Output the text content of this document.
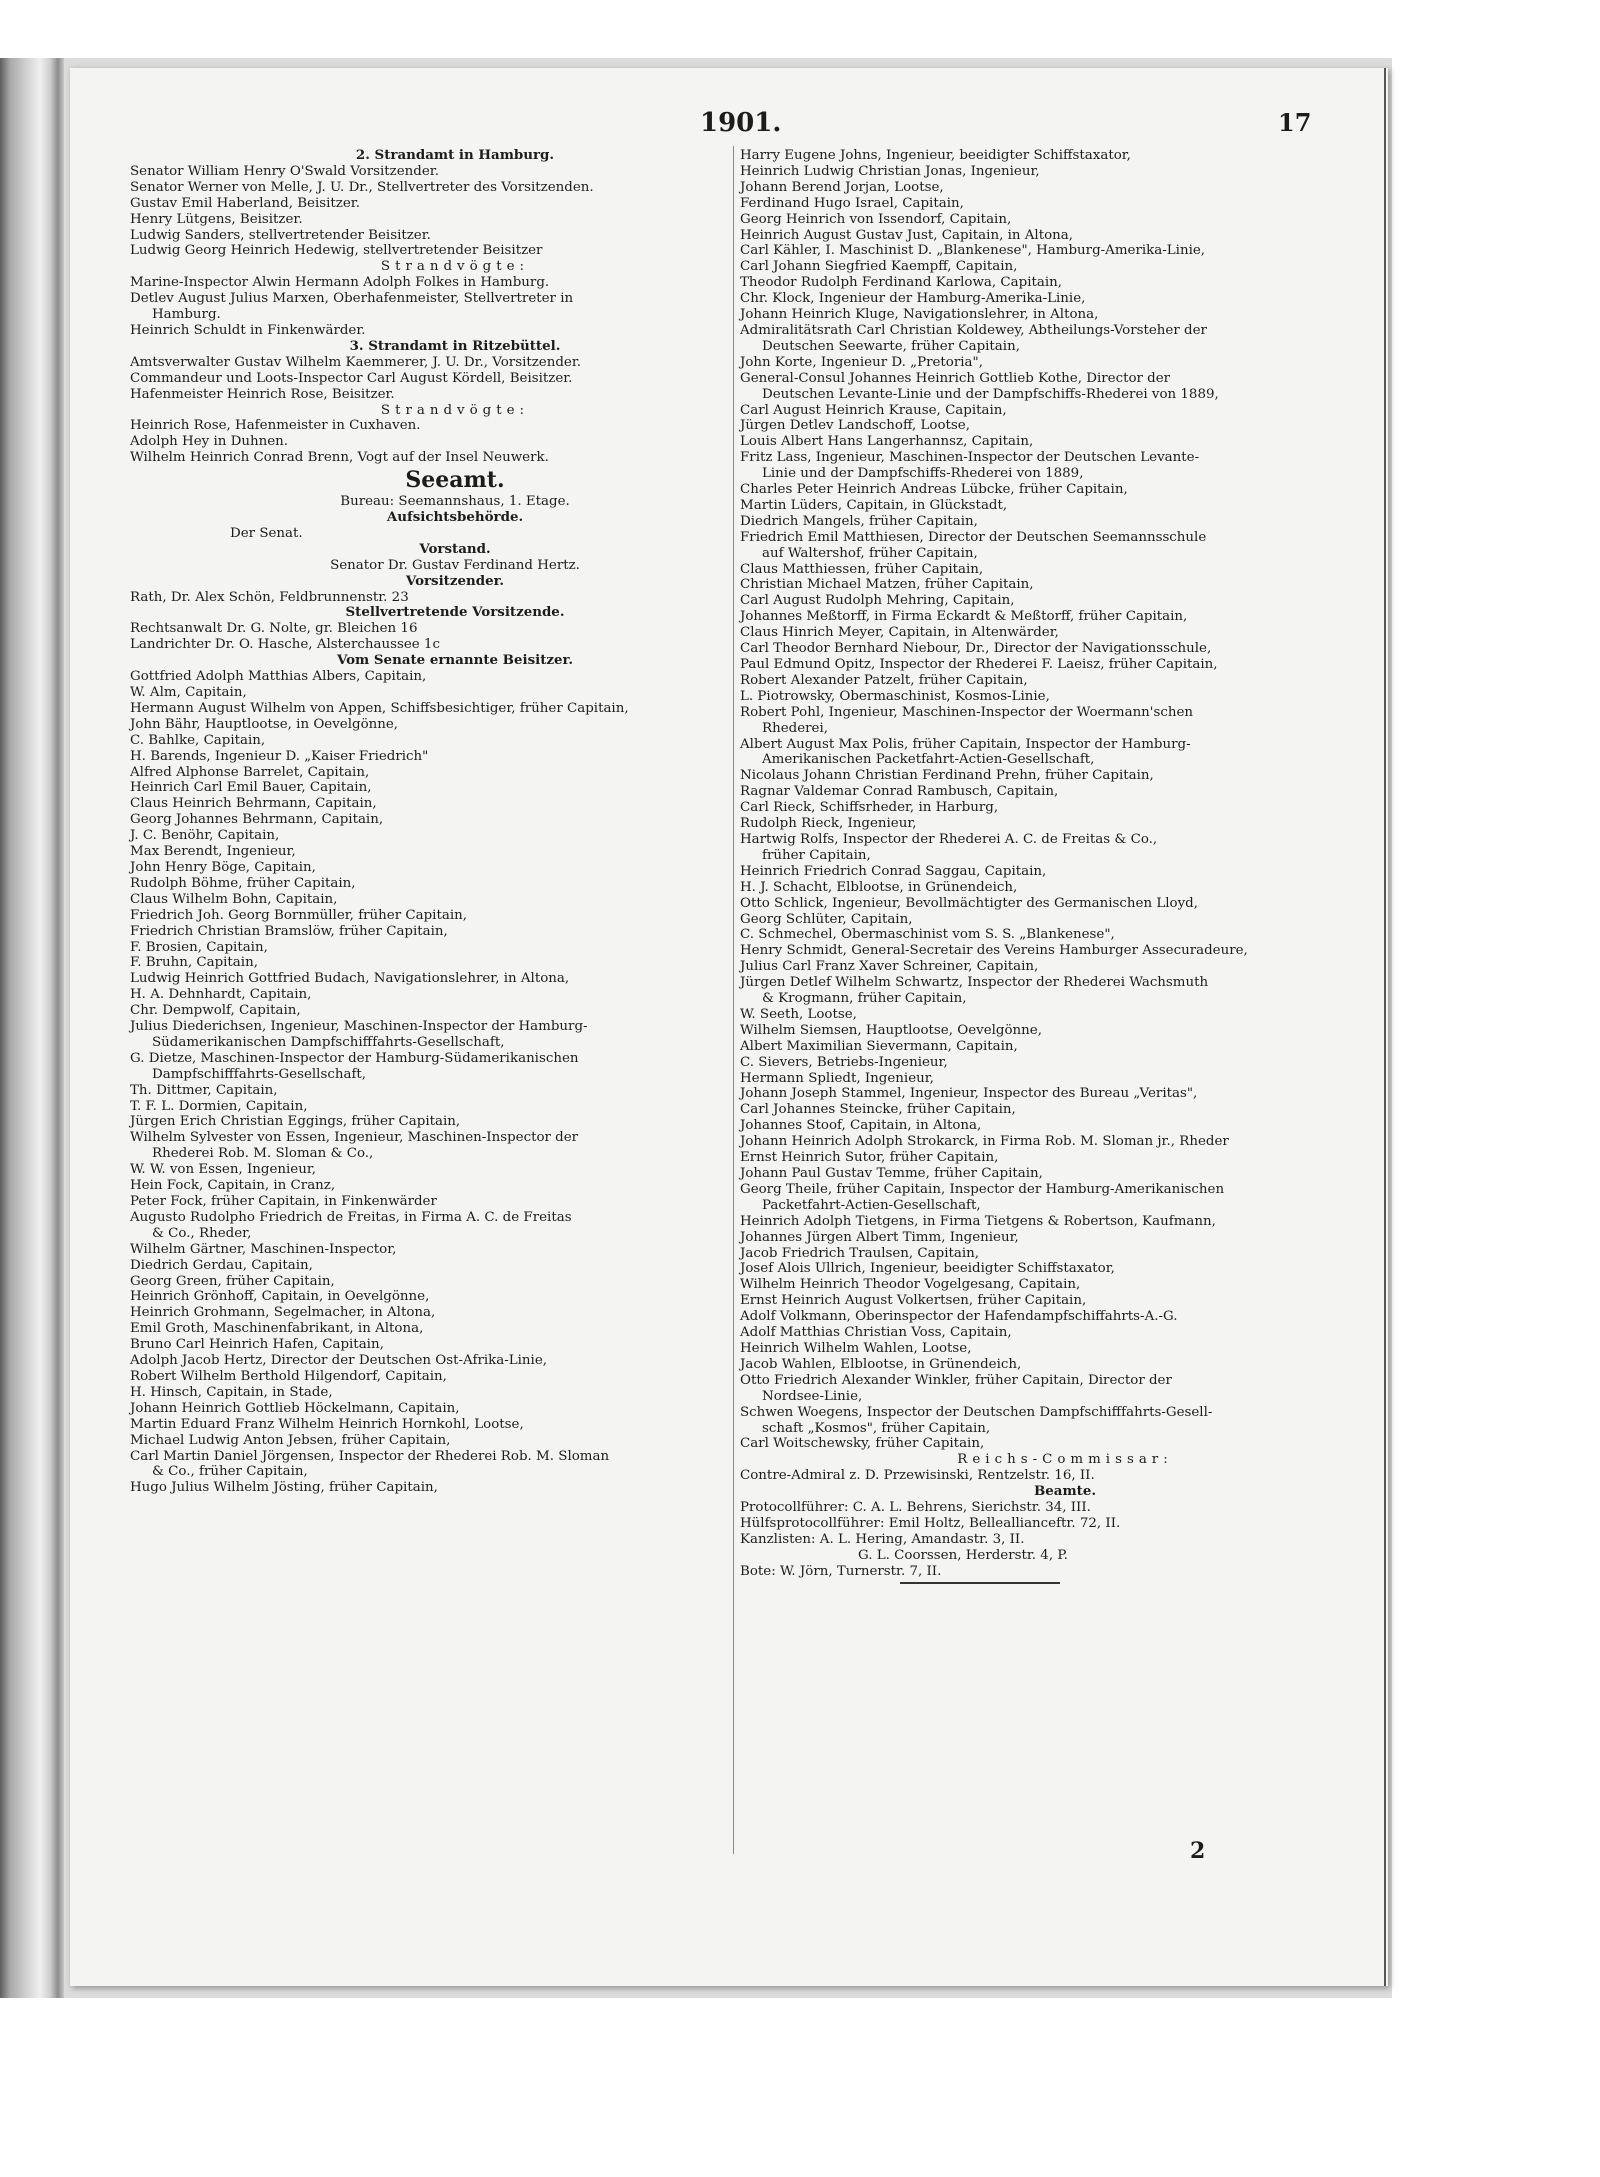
1901.	17

2. Strandamt in Hamburg.

Senator William Henry O'Swald Vorsitzender.

Senator Werner von Melle, J. U. Dr., Stellvertreter des Vorsitzenden.

Gustav Emil Haberland, Beisitzer.

Henry Lütgens, Beisitzer.

Ludwig Sanders, stellvertretender Beisitzer.

Ludwig Georg Heinrich Hedewig, stellvertretender Beisitzer

Strandvögte:

Marine-Inspector Alwin Hermann Adolph Folkes in Hamburg.

Detlev August Julius Marxen, Oberhafenmeister, Stellvertreter in

Hamburg.

Heinrich Schuldt in Finkenwärder.

3. Strandamt in Ritzebüttel.

Amtsverwalter Gustav Wilhelm Kaemmerer, J. U. Dr., Vorsitzender.

Commandeur und Loots-Inspector Carl August Kördell, Beisitzer.

Hafenmeister Heinrich Rose, Beisitzer.

Strandvögte:

Heinrich Rose, Hafenmeister in Cuxhaven.

Adolph Hey in Duhnen.

Wilhelm Heinrich Conrad Brenn, Vogt auf der Insel Neuwerk.

Seeamt.

Bureau: Seemannshaus, 1. Etage.

Aufsichtsbehörde.

Der Senat.

Vorstand.

Senator Dr. Gustav Ferdinand Hertz.

Vorsitzender.

Rath, Dr. Alex Schön, Feldbrunnenstr. 23

Stellvertretende Vorsitzende.

Rechtsanwalt Dr. G. Nolte, gr. Bleichen 16

Landrichter Dr. O. Hasche, Alsterchaussee 1c

Vom Senate ernannte Beisitzer.

Gottfried Adolph Matthias Albers, Capitain,

W. Alm, Capitain,

Hermann August Wilhelm von Appen, Schiffsbesichtiger, früher Capitain,

John Bähr, Hauptlootse, in Oevelgönne,

C. Bahlke, Capitain,

H. Barends, Ingenieur D. „Kaiser Friedrich"

Alfred Alphonse Barrelet, Capitain,

Heinrich Carl Emil Bauer, Capitain,

Claus Heinrich Behrmann, Capitain,

Georg Johannes Behrmann, Capitain,

J. C. Benöhr, Capitain,

Max Berendt, Ingenieur,

John Henry Böge, Capitain,

Rudolph Böhme, früher Capitain,

Claus Wilhelm Bohn, Capitain,

Friedrich Joh. Georg Bornmüller, früher Capitain,

Friedrich Christian Bramslöw, früher Capitain,

F. Brosien, Capitain,

F. Bruhn, Capitain,

Ludwig Heinrich Gottfried Budach, Navigationslehrer, in Altona,

H. A. Dehnhardt, Capitain,

Chr. Dempwolf, Capitain,

Julius Diederichsen, Ingenieur, Maschinen-Inspector der Hamburg-

Südamerikanischen Dampfschifffahrts-Gesellschaft,

G. Dietze, Maschinen-Inspector der Hamburg-Südamerikanischen

Dampfschifffahrts-Gesellschaft,

Th. Dittmer, Capitain,

T. F. L. Dormien, Capitain,

Jürgen Erich Christian Eggings, früher Capitain,

Wilhelm Sylvester von Essen, Ingenieur, Maschinen-Inspector der

Rhederei Rob. M. Sloman & Co.,

W. W. von Essen, Ingenieur,

Hein Fock, Capitain, in Cranz,

Peter Fock, früher Capitain, in Finkenwärder

Augusto Rudolpho Friedrich de Freitas, in Firma A. C. de Freitas

& Co., Rheder,

Wilhelm Gärtner, Maschinen-Inspector,

Diedrich Gerdau, Capitain,

Georg Green, früher Capitain,

Heinrich Grönhoff, Capitain, in Oevelgönne,

Heinrich Grohmann, Segelmacher, in Altona,

Emil Groth, Maschinenfabrikant, in Altona,

Bruno Carl Heinrich Hafen, Capitain,

Adolph Jacob Hertz, Director der Deutschen Ost-Afrika-Linie,

Robert Wilhelm Berthold Hilgendorf, Capitain,

H. Hinsch, Capitain, in Stade,

Johann Heinrich Gottlieb Höckelmann, Capitain,

Martin Eduard Franz Wilhelm Heinrich Hornkohl, Lootse,

Michael Ludwig Anton Jebsen, früher Capitain,

Carl Martin Daniel Jörgensen, Inspector der Rhederei Rob. M. Sloman

& Co., früher Capitain,

Hugo Julius Wilhelm Jösting, früher Capitain,

Harry Eugene Johns, Ingenieur, beeidigter Schiffstaxator,

Heinrich Ludwig Christian Jonas, Ingenieur,

Johann Berend Jorjan, Lootse,

Ferdinand Hugo Israel, Capitain,

Georg Heinrich von Issendorf, Capitain,

Heinrich August Gustav Just, Capitain, in Altona,

Carl Kähler, I. Maschinist D. „Blankenese", Hamburg-Amerika-Linie,

Carl Johann Siegfried Kaempff, Capitain,

Theodor Rudolph Ferdinand Karlowa, Capitain,

Chr. Klock, Ingenieur der Hamburg-Amerika-Linie,

Johann Heinrich Kluge, Navigationslehrer, in Altona,

Admiralitätsrath Carl Christian Koldewey, Abtheilungs-Vorsteher der

Deutschen Seewarte, früher Capitain,

John Korte, Ingenieur D. „Pretoria",

General-Consul Johannes Heinrich Gottlieb Kothe, Director der

Deutschen Levante-Linie und der Dampfschiffs-Rhederei von 1889,

Carl August Heinrich Krause, Capitain,

Jürgen Detlev Landschoff, Lootse,

Louis Albert Hans Langerhannsz, Capitain,

Fritz Lass, Ingenieur, Maschinen-Inspector der Deutschen Levante-

Linie und der Dampfschiffs-Rhederei von 1889,

Charles Peter Heinrich Andreas Lübcke, früher Capitain,

Martin Lüders, Capitain, in Glückstadt,

Diedrich Mangels, früher Capitain,

Friedrich Emil Matthiesen, Director der Deutschen Seemannsschule

auf Waltershof, früher Capitain,

Claus Matthiessen, früher Capitain,

Christian Michael Matzen, früher Capitain,

Carl August Rudolph Mehring, Capitain,

Johannes Meßtorff, in Firma Eckardt & Meßtorff, früher Capitain,

Claus Hinrich Meyer, Capitain, in Altenwärder,

Carl Theodor Bernhard Niebour, Dr., Director der Navigationsschule,

Paul Edmund Opitz, Inspector der Rhederei F. Laeisz, früher Capitain,

Robert Alexander Patzelt, früher Capitain,

L. Piotrowsky, Obermaschinist, Kosmos-Linie,

Robert Pohl, Ingenieur, Maschinen-Inspector der Woermann'schen

Rhederei,

Albert August Max Polis, früher Capitain, Inspector der Hamburg-

Amerikanischen Packetfahrt-Actien-Gesellschaft,

Nicolaus Johann Christian Ferdinand Prehn, früher Capitain,

Ragnar Valdemar Conrad Rambusch, Capitain,

Carl Rieck, Schiffsrheder, in Harburg,

Rudolph Rieck, Ingenieur,

Hartwig Rolfs, Inspector der Rhederei A. C. de Freitas & Co.,

früher Capitain,

Heinrich Friedrich Conrad Saggau, Capitain,

H. J. Schacht, Elblootse, in Grünendeich,

Otto Schlick, Ingenieur, Bevollmächtigter des Germanischen Lloyd,

Georg Schlüter, Capitain,

C. Schmechel, Obermaschinist vom S. S. „Blankenese",

Henry Schmidt, General-Secretair des Vereins Hamburger Assecuradeure,

Julius Carl Franz Xaver Schreiner, Capitain,

Jürgen Detlef Wilhelm Schwartz, Inspector der Rhederei Wachsmuth

& Krogmann, früher Capitain,

W. Seeth, Lootse,

Wilhelm Siemsen, Hauptlootse, Oevelgönne,

Albert Maximilian Sievermann, Capitain,

C. Sievers, Betriebs-Ingenieur,

Hermann Spliedt, Ingenieur,

Johann Joseph Stammel, Ingenieur, Inspector des Bureau „Veritas",

Carl Johannes Steincke, früher Capitain,

Johannes Stoof, Capitain, in Altona,

Johann Heinrich Adolph Strokarck, in Firma Rob. M. Sloman jr., Rheder

Ernst Heinrich Sutor, früher Capitain,

Johann Paul Gustav Temme, früher Capitain,

Georg Theile, früher Capitain, Inspector der Hamburg-Amerikanischen

Packetfahrt-Actien-Gesellschaft,

Heinrich Adolph Tietgens, in Firma Tietgens & Robertson, Kaufmann,

Johannes Jürgen Albert Timm, Ingenieur,

Jacob Friedrich Traulsen, Capitain,

Josef Alois Ullrich, Ingenieur, beeidigter Schiffstaxator,

Wilhelm Heinrich Theodor Vogelgesang, Capitain,

Ernst Heinrich August Volkertsen, früher Capitain,

Adolf Volkmann, Oberinspector der Hafendampfschiffahrts-A.-G.

Adolf Matthias Christian Voss, Capitain,

Heinrich Wilhelm Wahlen, Lootse,

Jacob Wahlen, Elblootse, in Grünendeich,

Otto Friedrich Alexander Winkler, früher Capitain, Director der

Nordsee-Linie,

Schwen Woegens, Inspector der Deutschen Dampfschifffahrts-Gesell-

schaft „Kosmos", früher Capitain,

Carl Woitschewsky, früher Capitain,

Reichs-Commissar:

Contre-Admiral z. D. Przewisinski, Rentzelstr. 16, II.

Beamte.

Protocollführer: C. A. L. Behrens, Sierichstr. 34, III.

Hülfsprotocollführer: Emil Holtz, Belleallianceftr. 72, II.

Kanzlisten: A. L. Hering, Amandastr. 3, II.

G. L. Coorssen, Herderstr. 4, P.

Bote: W. Jörn, Turnerstr. 7, II.

2
